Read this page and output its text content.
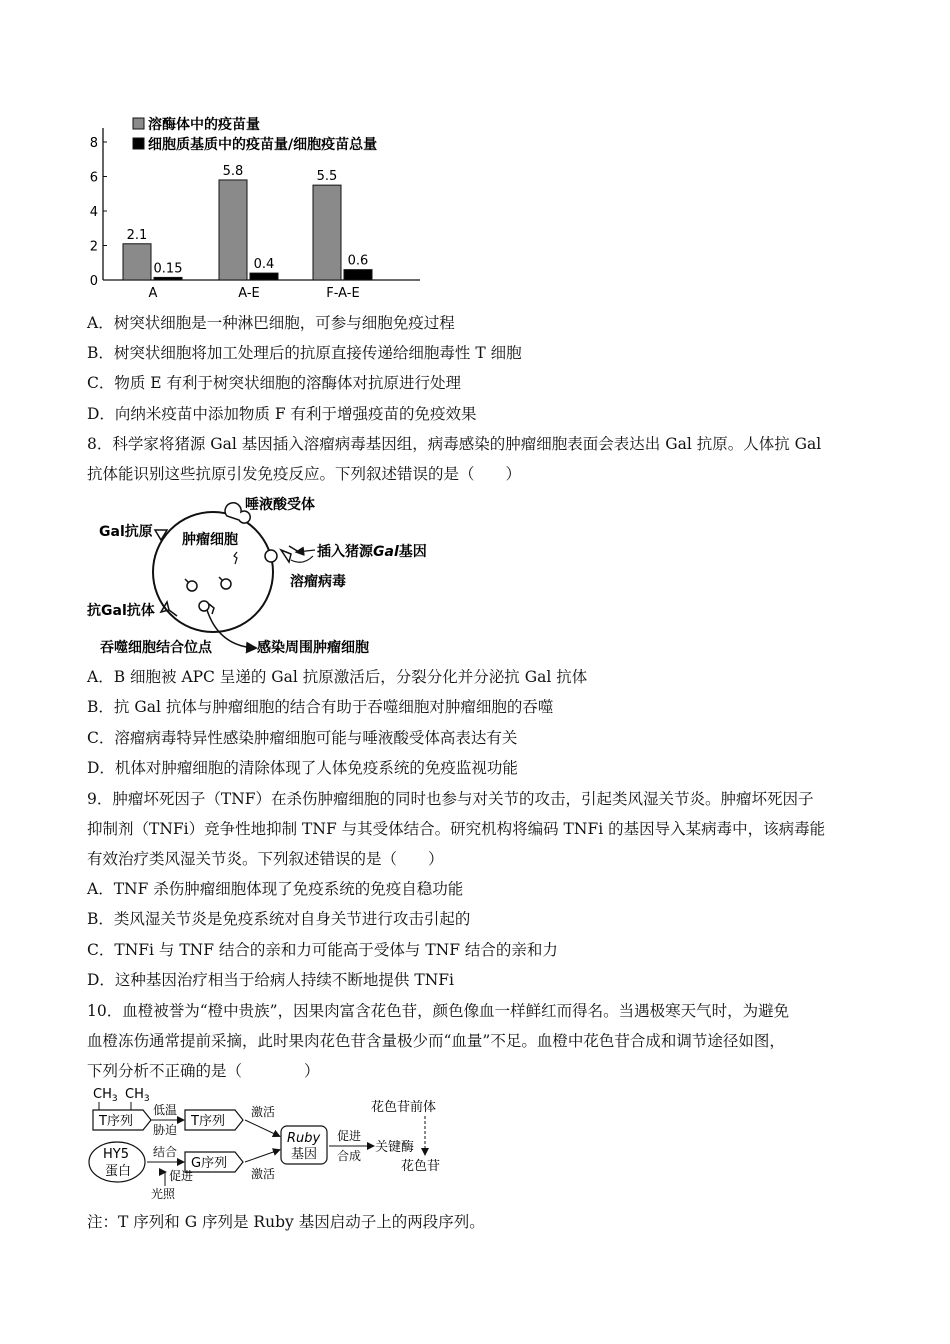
0
2
4
6
8
溶酶体中的疫苗量
细胞质基质中的疫苗量/细胞疫苗总量
2.1
0.15
A
5.8
0.4
A-E
5.5
0.6
F-A-E
A．树突状细胞是一种淋巴细胞，可参与细胞免疫过程
B．树突状细胞将加工处理后的抗原直接传递给细胞毒性 T 细胞
C．物质 E 有利于树突状细胞的溶酶体对抗原进行处理
D．向纳米疫苗中添加物质 F 有利于增强疫苗的免疫效果
8．科学家将猪源 Gal 基因插入溶瘤病毒基因组，病毒感染的肿瘤细胞表面会表达出 Gal 抗原。人体抗 Gal
抗体能识别这些抗原引发免疫反应。下列叙述错误的是（　　）
唾液酸受体
Gal抗原 肿瘤细胞
插入猪源Gal基因
溶瘤病毒
抗Gal抗体
吞噬细胞结合位点	感染周围肿瘤细胞
A．B 细胞被 APC 呈递的 Gal 抗原激活后，分裂分化并分泌抗 Gal 抗体
B．抗 Gal 抗体与肿瘤细胞的结合有助于吞噬细胞对肿瘤细胞的吞噬
C．溶瘤病毒特异性感染肿瘤细胞可能与唾液酸受体高表达有关
D．机体对肿瘤细胞的清除体现了人体免疫系统的免疫监视功能
9．肿瘤坏死因子（TNF）在杀伤肿瘤细胞的同时也参与对关节的攻击，引起类风湿关节炎。肿瘤坏死因子
抑制剂（TNFi）竞争性地抑制 TNF 与其受体结合。研究机构将编码 TNFi 的基因导入某病毒中，该病毒能
有效治疗类风湿关节炎。下列叙述错误的是（　　）
A．TNF 杀伤肿瘤细胞体现了免疫系统的免疫自稳功能
B．类风湿关节炎是免疫系统对自身关节进行攻击引起的
C．TNFi 与 TNF 结合的亲和力可能高于受体与 TNF 结合的亲和力
D．这种基因治疗相当于给病人持续不断地提供 TNFi
10．血橙被誉为“橙中贵族”，因果肉富含花色苷，颜色像血一样鲜红而得名。当遇极寒天气时，为避免
血橙冻伤通常提前采摘，此时果肉花色苷含量极少而“血量”不足。血橙中花色苷合成和调节途径如图，
下列分析不正确的是（　　　　）
$CH_3$ $CH_3$
T序列
低温
胁迫
T序列
激活
Ruby
基因
促进
合成
关键酶
花色苷前体
花色苷
HY5
蛋白
结合
G序列
激活
促进
光照
注：T 序列和 G 序列是 Ruby 基因启动子上的两段序列。
